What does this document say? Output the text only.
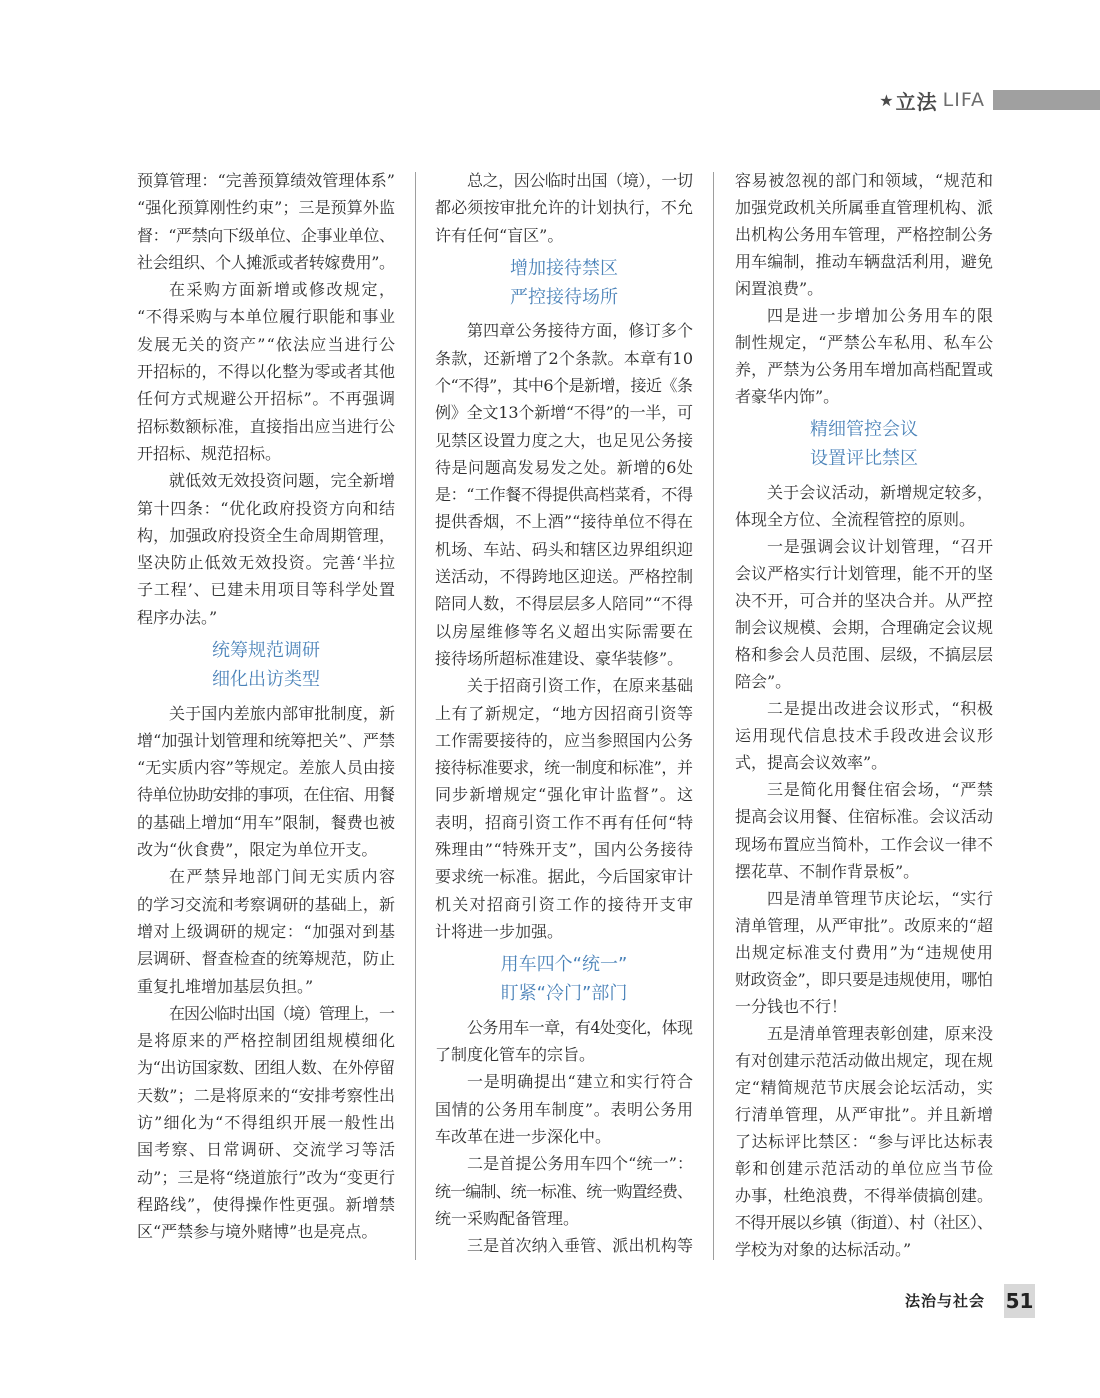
★ 立法 LIFA
预算管理：“完善预算绩效管理体系”
“强化预算刚性约束”；三是预算外监
督：“严禁向下级单位、企事业单位、
社会组织、个人摊派或者转嫁费用”。
在采购方面新增或修改规定，
“不得采购与本单位履行职能和事业
发展无关的资产”“依法应当进行公
开招标的，不得以化整为零或者其他
任何方式规避公开招标”。不再强调
招标数额标准，直接指出应当进行公
开招标、规范招标。
就低效无效投资问题，完全新增
第十四条：“优化政府投资方向和结
构，加强政府投资全生命周期管理，
坚决防止低效无效投资。完善‘半拉
子工程’、已建未用项目等科学处置
程序办法。”
统筹规范调研
细化出访类型
关于国内差旅内部审批制度，新
增“加强计划管理和统筹把关”、严禁
“无实质内容”等规定。差旅人员由接
待单位协助安排的事项，在住宿、用餐
的基础上增加“用车”限制，餐费也被
改为“伙食费”，限定为单位开支。
在严禁异地部门间无实质内容
的学习交流和考察调研的基础上，新
增对上级调研的规定：“加强对到基
层调研、督查检查的统筹规范，防止
重复扎堆增加基层负担。”
在因公临时出国（境）管理上，一
是将原来的严格控制团组规模细化
为“出访国家数、团组人数、在外停留
天数”；二是将原来的“安排考察性出
访”细化为“不得组织开展一般性出
国考察、日常调研、交流学习等活
动”；三是将“绕道旅行”改为“变更行
程路线”，使得操作性更强。新增禁
区“严禁参与境外赌博”也是亮点。
总之，因公临时出国（境），一切
都必须按审批允许的计划执行，不允
许有任何“盲区”。
增加接待禁区
严控接待场所
第四章公务接待方面，修订多个
条款，还新增了2个条款。本章有10
个“不得”，其中6个是新增，接近《条
例》全文13个新增“不得”的一半，可
见禁区设置力度之大，也足见公务接
待是问题高发易发之处。新增的6处
是：“工作餐不得提供高档菜肴，不得
提供香烟，不上酒”“接待单位不得在
机场、车站、码头和辖区边界组织迎
送活动，不得跨地区迎送。严格控制
陪同人数，不得层层多人陪同”“不得
以房屋维修等名义超出实际需要在
接待场所超标准建设、豪华装修”。
关于招商引资工作，在原来基础
上有了新规定，“地方因招商引资等
工作需要接待的，应当参照国内公务
接待标准要求，统一制度和标准”，并
同步新增规定“强化审计监督”。这
表明，招商引资工作不再有任何“特
殊理由”“特殊开支”，国内公务接待
要求统一标准。据此，今后国家审计
机关对招商引资工作的接待开支审
计将进一步加强。
用车四个“统一”
盯紧“冷门”部门
公务用车一章，有4处变化，体现
了制度化管车的宗旨。
一是明确提出“建立和实行符合
国情的公务用车制度”。表明公务用
车改革在进一步深化中。
二是首提公务用车四个“统一”：
统一编制、统一标准、统一购置经费、
统一采购配备管理。
三是首次纳入垂管、派出机构等
容易被忽视的部门和领域，“规范和
加强党政机关所属垂直管理机构、派
出机构公务用车管理，严格控制公务
用车编制，推动车辆盘活利用，避免
闲置浪费”。
四是进一步增加公务用车的限
制性规定，“严禁公车私用、私车公
养，严禁为公务用车增加高档配置或
者豪华内饰”。
精细管控会议
设置评比禁区
关于会议活动，新增规定较多，
体现全方位、全流程管控的原则。
一是强调会议计划管理，“召开
会议严格实行计划管理，能不开的坚
决不开，可合并的坚决合并。从严控
制会议规模、会期，合理确定会议规
格和参会人员范围、层级，不搞层层
陪会”。
二是提出改进会议形式，“积极
运用现代信息技术手段改进会议形
式，提高会议效率”。
三是简化用餐住宿会场，“严禁
提高会议用餐、住宿标准。会议活动
现场布置应当简朴，工作会议一律不
摆花草、不制作背景板”。
四是清单管理节庆论坛，“实行
清单管理，从严审批”。改原来的“超
出规定标准支付费用”为“违规使用
财政资金”，即只要是违规使用，哪怕
一分钱也不行！
五是清单管理表彰创建，原来没
有对创建示范活动做出规定，现在规
定“精简规范节庆展会论坛活动，实
行清单管理，从严审批”。并且新增
了达标评比禁区：“参与评比达标表
彰和创建示范活动的单位应当节俭
办事，杜绝浪费，不得举债搞创建。
不得开展以乡镇（街道）、村（社区）、
学校为对象的达标活动。”
法治与社会 51
